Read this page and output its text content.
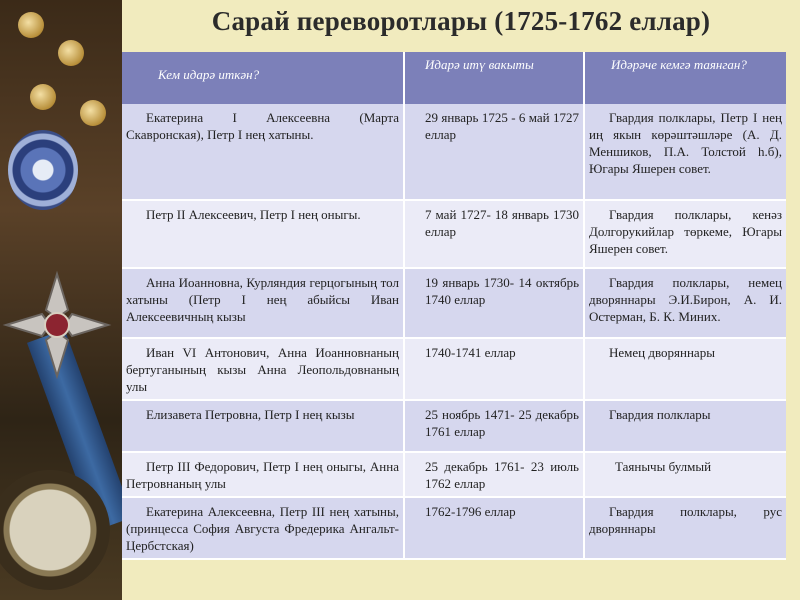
Сарай переворотлары (1725-1762 еллар)
Кем идарә иткән?	Идарә итү вакыты	Идәрәче кемгә таянган?

Екатерина I Алексеевна (Марта Скавронская), Петр I нең хатыны.	29 январь 1725 - 6 май 1727 еллар	Гвардия полклары, Петр I нең иң якын көрәштәшләре (А. Д. Меншиков, П.А. Толстой h.б), Югары Яшерен совет.
Петр II Алексеевич, Петр I нең оныгы.	7 май 1727- 18 январь 1730 еллар	Гвардия полклары, кенәз Долгорукийлар төркеме, Югары Яшерен совет.
Анна Иоанновна, Курляндия герцогының тол хатыны (Петр I нең абыйсы Иван Алексеевичның кызы	19 январь 1730- 14 октябрь 1740 еллар	Гвардия полклары, немец дворяннары Э.И.Бирон, А. И. Остерман, Б. К. Миних.
Иван VI Антонович, Анна Иоанновнаның бертуганының кызы Анна Леопольдовнаның улы	1740-1741 еллар	Немец дворяннары
Елизавета Петровна, Петр I нең кызы	25 ноябрь 1471- 25 декабрь 1761 еллар	Гвардия полклары
Петр III Федорович, Петр I нең оныгы, Анна Петровнаның улы	25 декабрь 1761- 23 июль 1762 еллар	Таянычы булмый
Екатерина Алексеевна, Петр III нең хатыны, (принцесса София Августа Фредерика Ангальт-Цербстская)	1762-1796 еллар	Гвардия полклары, рус дворяннары
